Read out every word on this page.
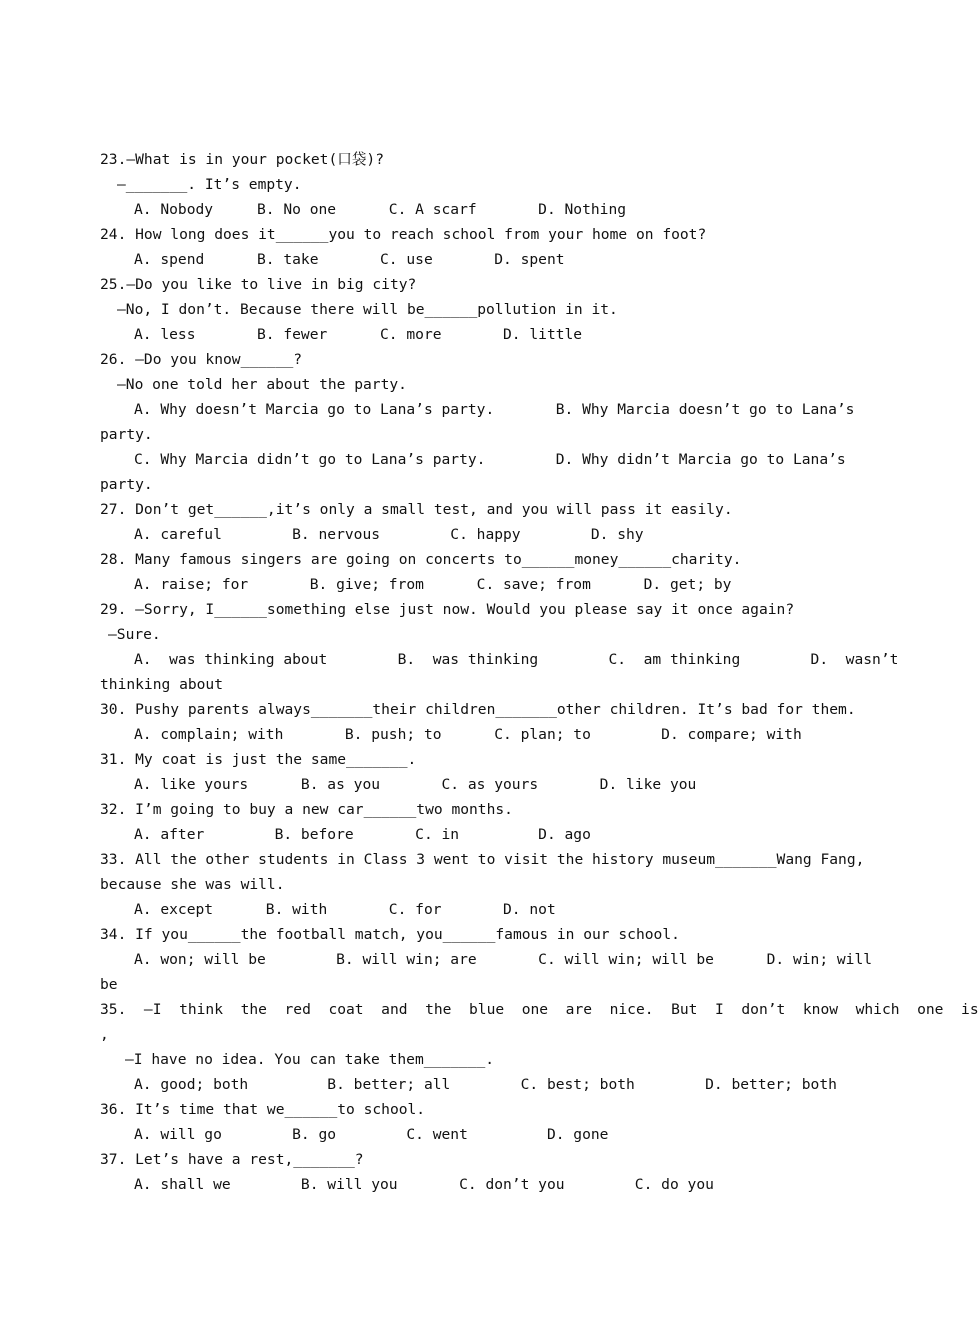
23.—What is in your pocket(口袋)?
—_______. It’s empty.
A. Nobody     B. No one      C. A scarf       D. Nothing
24. How long does it______you to reach school from your home on foot?
A. spend      B. take       C. use       D. spent
25.—Do you like to live in big city?
—No, I don’t. Because there will be______pollution in it.
A. less       B. fewer      C. more       D. little
26. —Do you know______?
—No one told her about the party.
A. Why doesn’t Marcia go to Lana’s party.       B. Why Marcia doesn’t go to Lana’s
party.
C. Why Marcia didn’t go to Lana’s party.        D. Why didn’t Marcia go to Lana’s
party.
27. Don’t get______,it’s only a small test, and you will pass it easily.
A. careful        B. nervous        C. happy        D. shy
28. Many famous singers are going on concerts to______money______charity.
A. raise; for       B. give; from      C. save; from      D. get; by
29. —Sorry, I______something else just now. Would you please say it once again?
—Sure.
A.  was thinking about        B.  was thinking        C.  am thinking        D.  wasn’t
thinking about
30. Pushy parents always_______their children_______other children. It’s bad for them.
A. complain; with       B. push; to      C. plan; to        D. compare; with
31. My coat is just the same_______.
A. like yours      B. as you       C. as yours       D. like you
32. I’m going to buy a new car______two months.
A. after        B. before       C. in         D. ago
33. All the other students in Class 3 went to visit the history museum_______Wang Fang,
because she was will.
A. except      B. with       C. for       D. not
34. If you______the football match, you______famous in our school.
A. won; will be        B. will win; are       C. will win; will be      D. win; will
be
35.  —I  think  the  red  coat  and  the  blue  one  are  nice.  But  I  don’t  know  which  one  is
,
—I have no idea. You can take them_______.
A. good; both         B. better; all        C. best; both        D. better; both
36. It’s time that we______to school.
A. will go        B. go        C. went         D. gone
37. Let’s have a rest,_______?
A. shall we        B. will you       C. don’t you        C. do you
